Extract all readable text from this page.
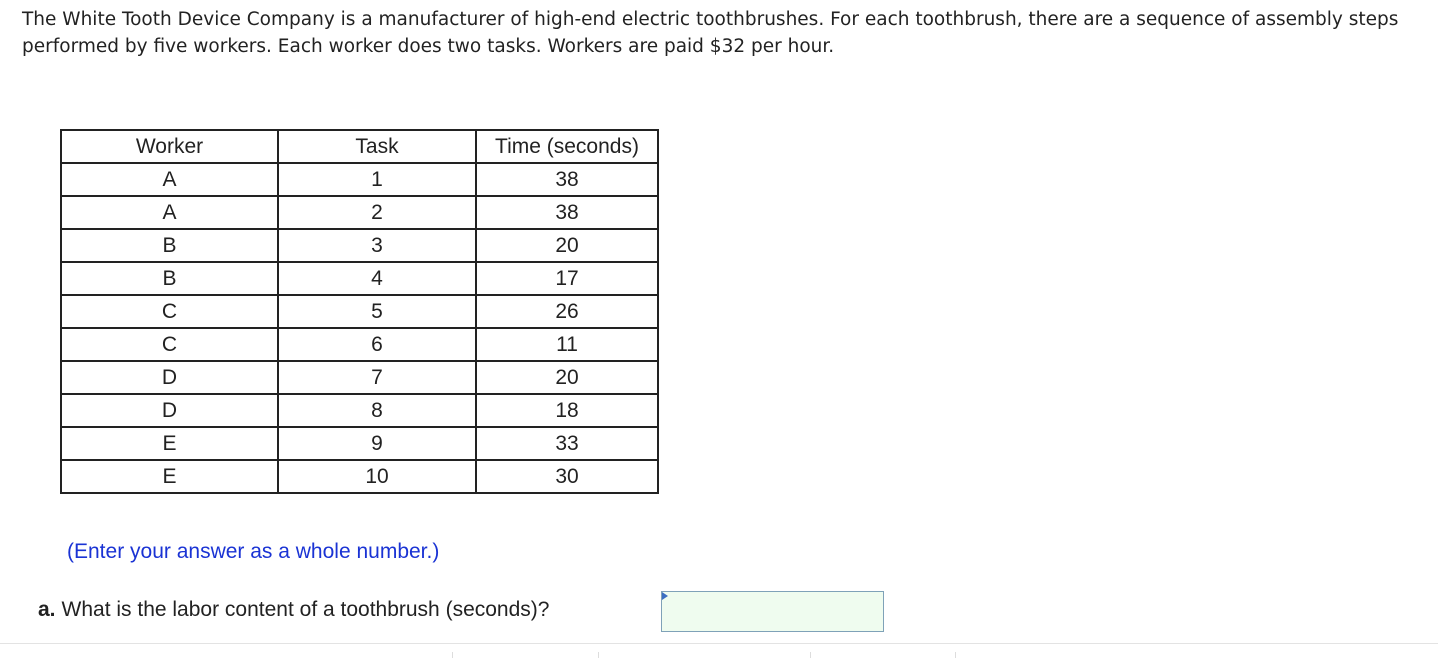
The White Tooth Device Company is a manufacturer of high-end electric toothbrushes. For each toothbrush, there are a sequence of assembly steps performed by five workers. Each worker does two tasks. Workers are paid $32 per hour.

Worker	Task	Time (seconds)
A	1	38
A	2	38
B	3	20
B	4	17
C	5	26
C	6	11
D	7	20
D	8	18
E	9	33
E	10	30

(Enter your answer as a whole number.)

a. What is the labor content of a toothbrush (seconds)?
